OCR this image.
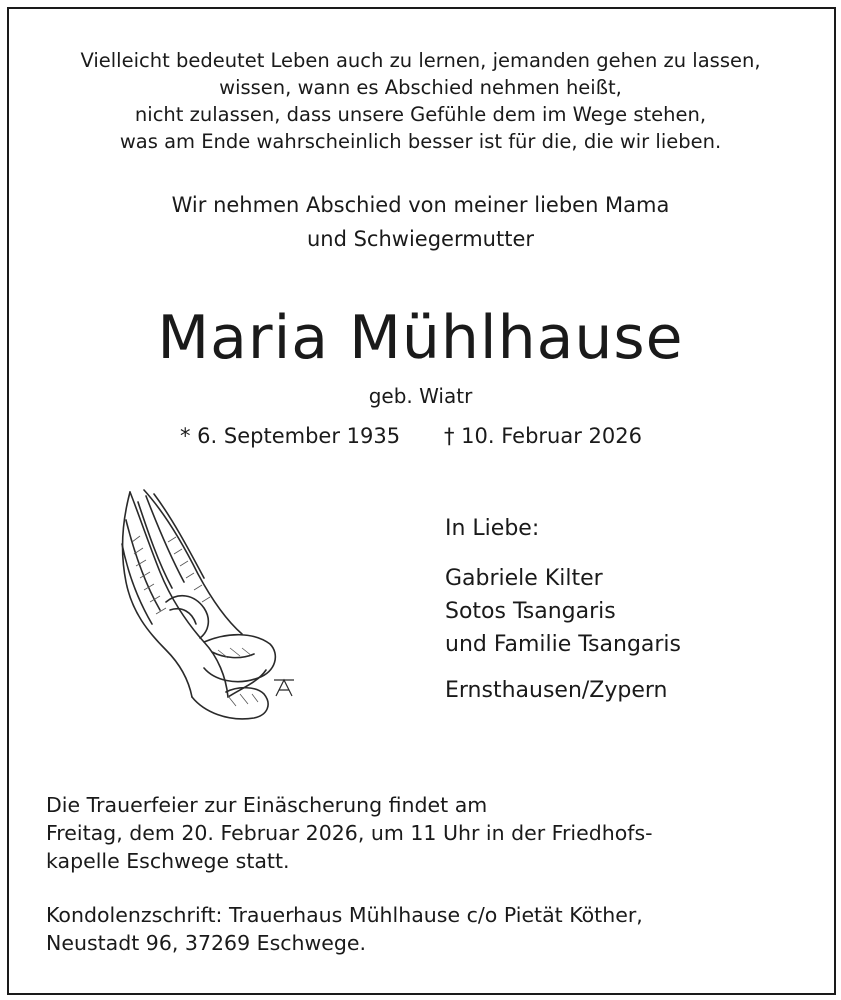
Vielleicht bedeutet Leben auch zu lernen, jemanden gehen zu lassen,
wissen, wann es Abschied nehmen heißt,
nicht zulassen, dass unsere Gefühle dem im Wege stehen,
was am Ende wahrscheinlich besser ist für die, die wir lieben.
Wir nehmen Abschied von meiner lieben Mama
und Schwiegermutter
Maria Mühlhause
geb. Wiatr
* 6. September 1935 † 10. Februar 2026
In Liebe:
Gabriele Kilter
Sotos Tsangaris
und Familie Tsangaris
Ernsthausen/Zypern
Die Trauerfeier zur Einäscherung findet am
Freitag, dem 20. Februar 2026, um 11 Uhr in der Friedhofs-
kapelle Eschwege statt.
Kondolenzschrift: Trauerhaus Mühlhause c/o Pietät Köther,
Neustadt 96, 37269 Eschwege.
